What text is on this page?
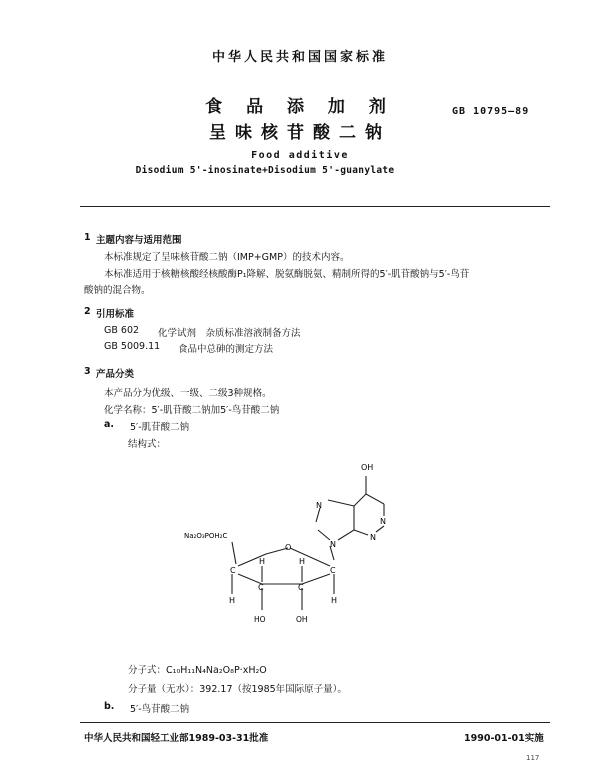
中华人民共和国国家标准
食 品 添 加 剂
呈味核苷酸二钠
GB 10795—89
Food additive
Disodium 5'-inosinate+Disodium 5'-guanylate
1 主题内容与适用范围
本标准规定了呈味核苷酸二钠（IMP+GMP）的技术内容。
本标准适用于核糖核酸经核酸酶P₁降解、脱氨酶脱氨、精制所得的5′-肌苷酸钠与5′-鸟苷
酸钠的混合物。
2 引用标准
GB 602 化学试剂　杂质标准溶液制备方法
GB 5009.11 食品中总砷的测定方法
3 产品分类
本产品分为优级、一级、二级3种规格。
化学名称：5′-肌苷酸二钠加5′-鸟苷酸二钠
a. 5′-肌苷酸二钠
结构式：
OH
N
N
N
N
Na₂O₃POH₂C
O
C
C	C
C
H
H	H
H
HO	OH
分子式：C₁₀H₁₁N₄Na₂O₈P·xH₂O
分子量（无水）：392.17（按1985年国际原子量）。
b. 5′-鸟苷酸二钠
中华人民共和国轻工业部1989-03-31批准	1990-01-01实施
117
